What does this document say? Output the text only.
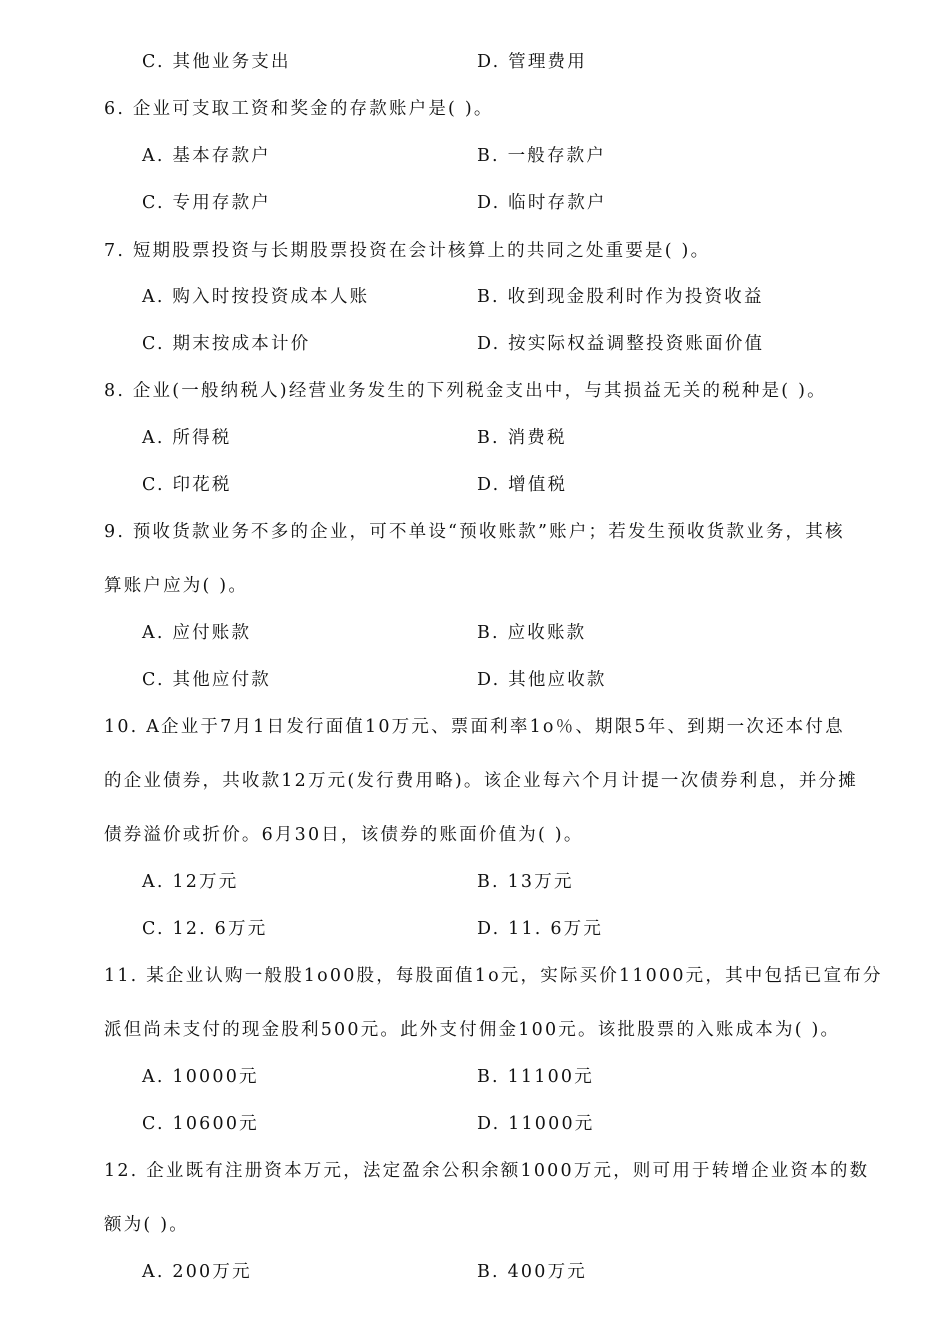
C. 其他业务支出	D. 管理费用
6. 企业可支取工资和奖金的存款账户是( )。
A. 基本存款户	B. 一般存款户
C. 专用存款户	D. 临时存款户
7. 短期股票投资与长期股票投资在会计核算上的共同之处重要是( )。
A. 购入时按投资成本人账	B. 收到现金股利时作为投资收益
C. 期末按成本计价	D. 按实际权益调整投资账面价值
8. 企业(一般纳税人)经营业务发生的下列税金支出中，与其损益无关的税种是( )。
A. 所得税	B. 消费税
C. 印花税	D. 增值税
9. 预收货款业务不多的企业，可不单设“预收账款”账户；若发生预收货款业务，其核
算账户应为( )。
A. 应付账款	B. 应收账款
C. 其他应付款	D. 其他应收款
10. A企业于7月1日发行面值10万元、票面利率1o％、期限5年、到期一次还本付息
的企业债券，共收款12万元(发行费用略)。该企业每六个月计提一次债券利息，并分摊
债券溢价或折价。6月30日，该债券的账面价值为( )。
A. 12万元	B. 13万元
C. 12. 6万元	D. 11. 6万元
11. 某企业认购一般股1o00股，每股面值1o元，实际买价11000元，其中包括已宣布分
派但尚未支付的现金股利500元。此外支付佣金100元。该批股票的入账成本为( )。
A. 10000元	B. 11100元
C. 10600元	D. 11000元
12. 企业既有注册资本万元，法定盈余公积余额1000万元，则可用于转增企业资本的数
额为( )。
A. 200万元	B. 400万元
